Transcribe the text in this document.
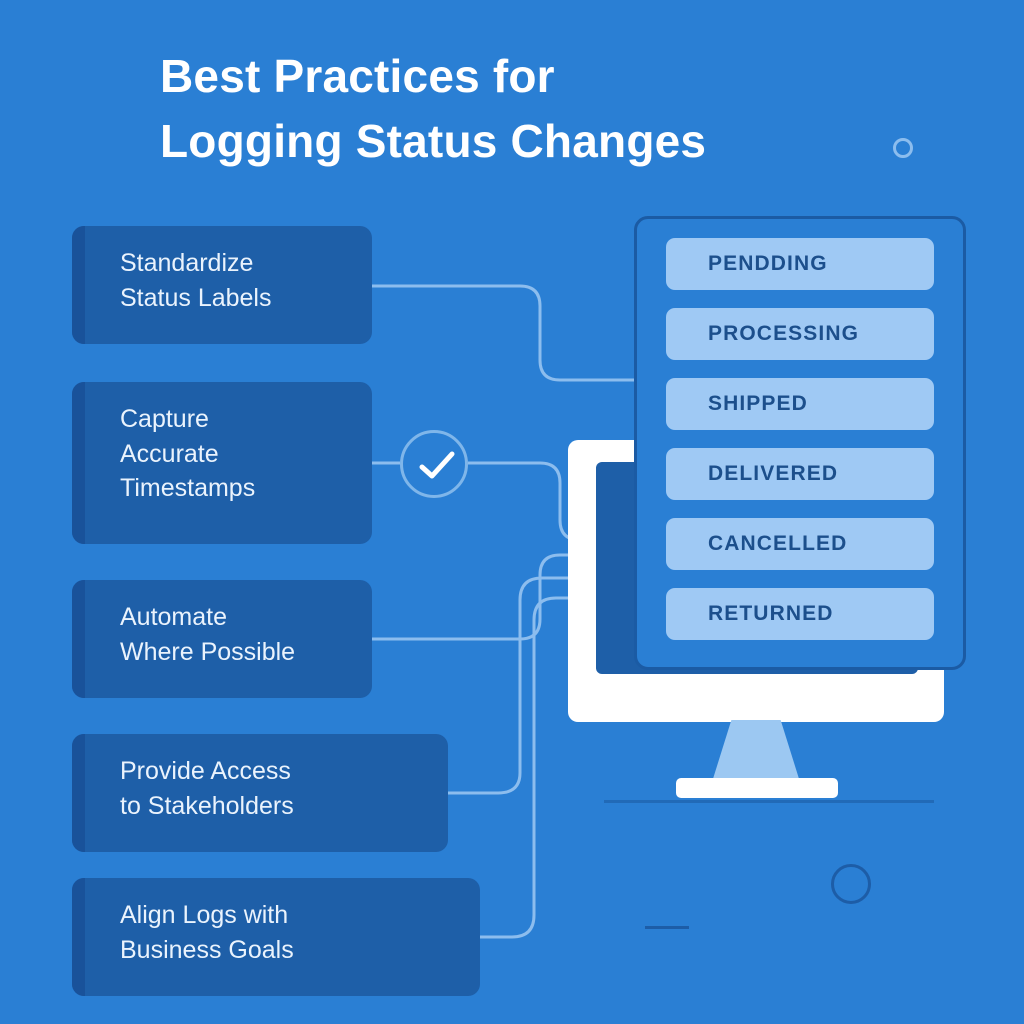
Best Practices for
Logging Status Changes
Standardize
Status Labels
Capture
Accurate
Timestamps
Automate
Where Possible
Provide Access
to Stakeholders
Align Logs with
Business Goals
PENDDING
PROCESSING
SHIPPED
DELIVERED
CANCELLED
RETURNED
